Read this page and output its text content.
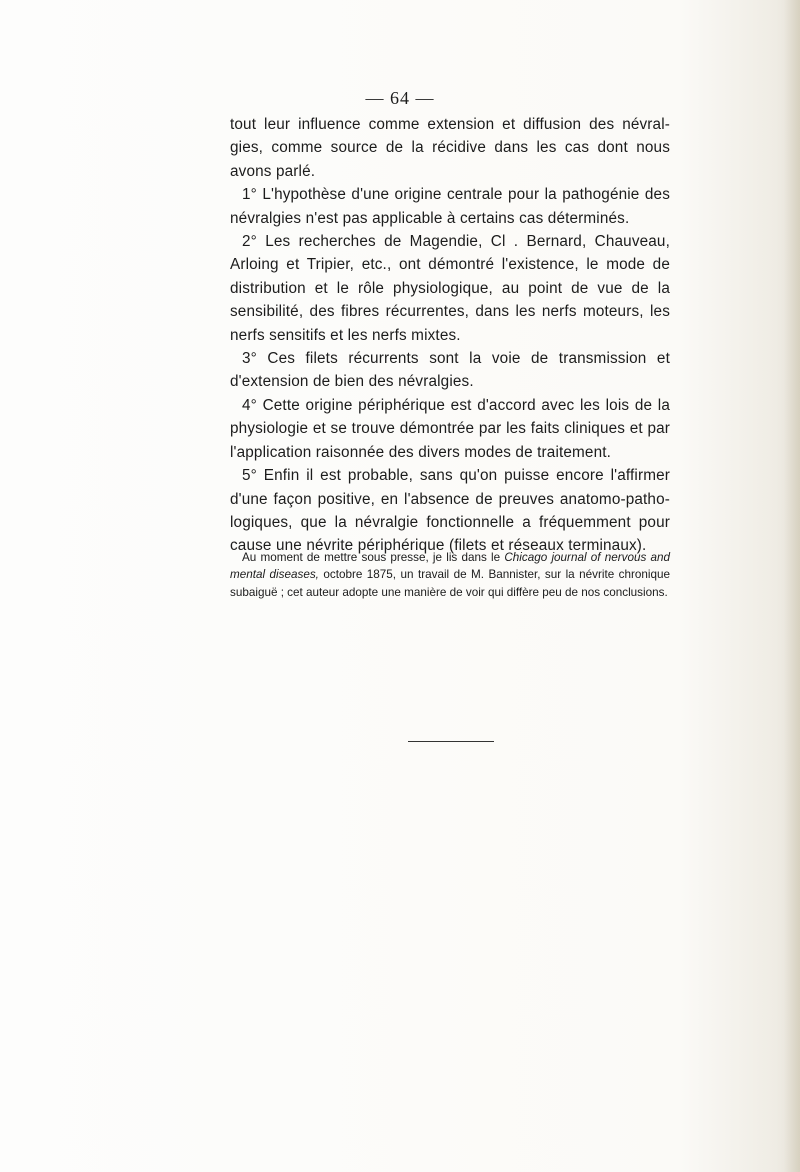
— 64 —

tout leur influence comme extension et diffusion des névral-gies, comme source de la récidive dans les cas dont nous avons parlé.

1° L'hypothèse d'une origine centrale pour la pathogénie des névralgies n'est pas applicable à certains cas déterminés.

2° Les recherches de Magendie, Cl . Bernard, Chauveau, Arloing et Tripier, etc., ont démontré l'existence, le mode de distribution et le rôle physiologique, au point de vue de la sensibilité, des fibres récurrentes, dans les nerfs moteurs, les nerfs sensitifs et les nerfs mixtes.

3° Ces filets récurrents sont la voie de transmission et d'extension de bien des névralgies.

4° Cette origine périphérique est d'accord avec les lois de la physiologie et se trouve démontrée par les faits cliniques et par l'application raisonnée des divers modes de traitement.

5° Enfin il est probable, sans qu'on puisse encore l'affirmer d'une façon positive, en l'absence de preuves anatomo-patho-logiques, que la névralgie fonctionnelle a fréquemment pour cause une névrite périphérique (filets et réseaux terminaux).

Au moment de mettre sous presse, je lis dans le Chicago journal of nervous and mental diseases, octobre 1875, un travail de M. Bannister, sur la névrite chronique subaiguë ; cet auteur adopte une manière de voir qui diffère peu de nos conclusions.
